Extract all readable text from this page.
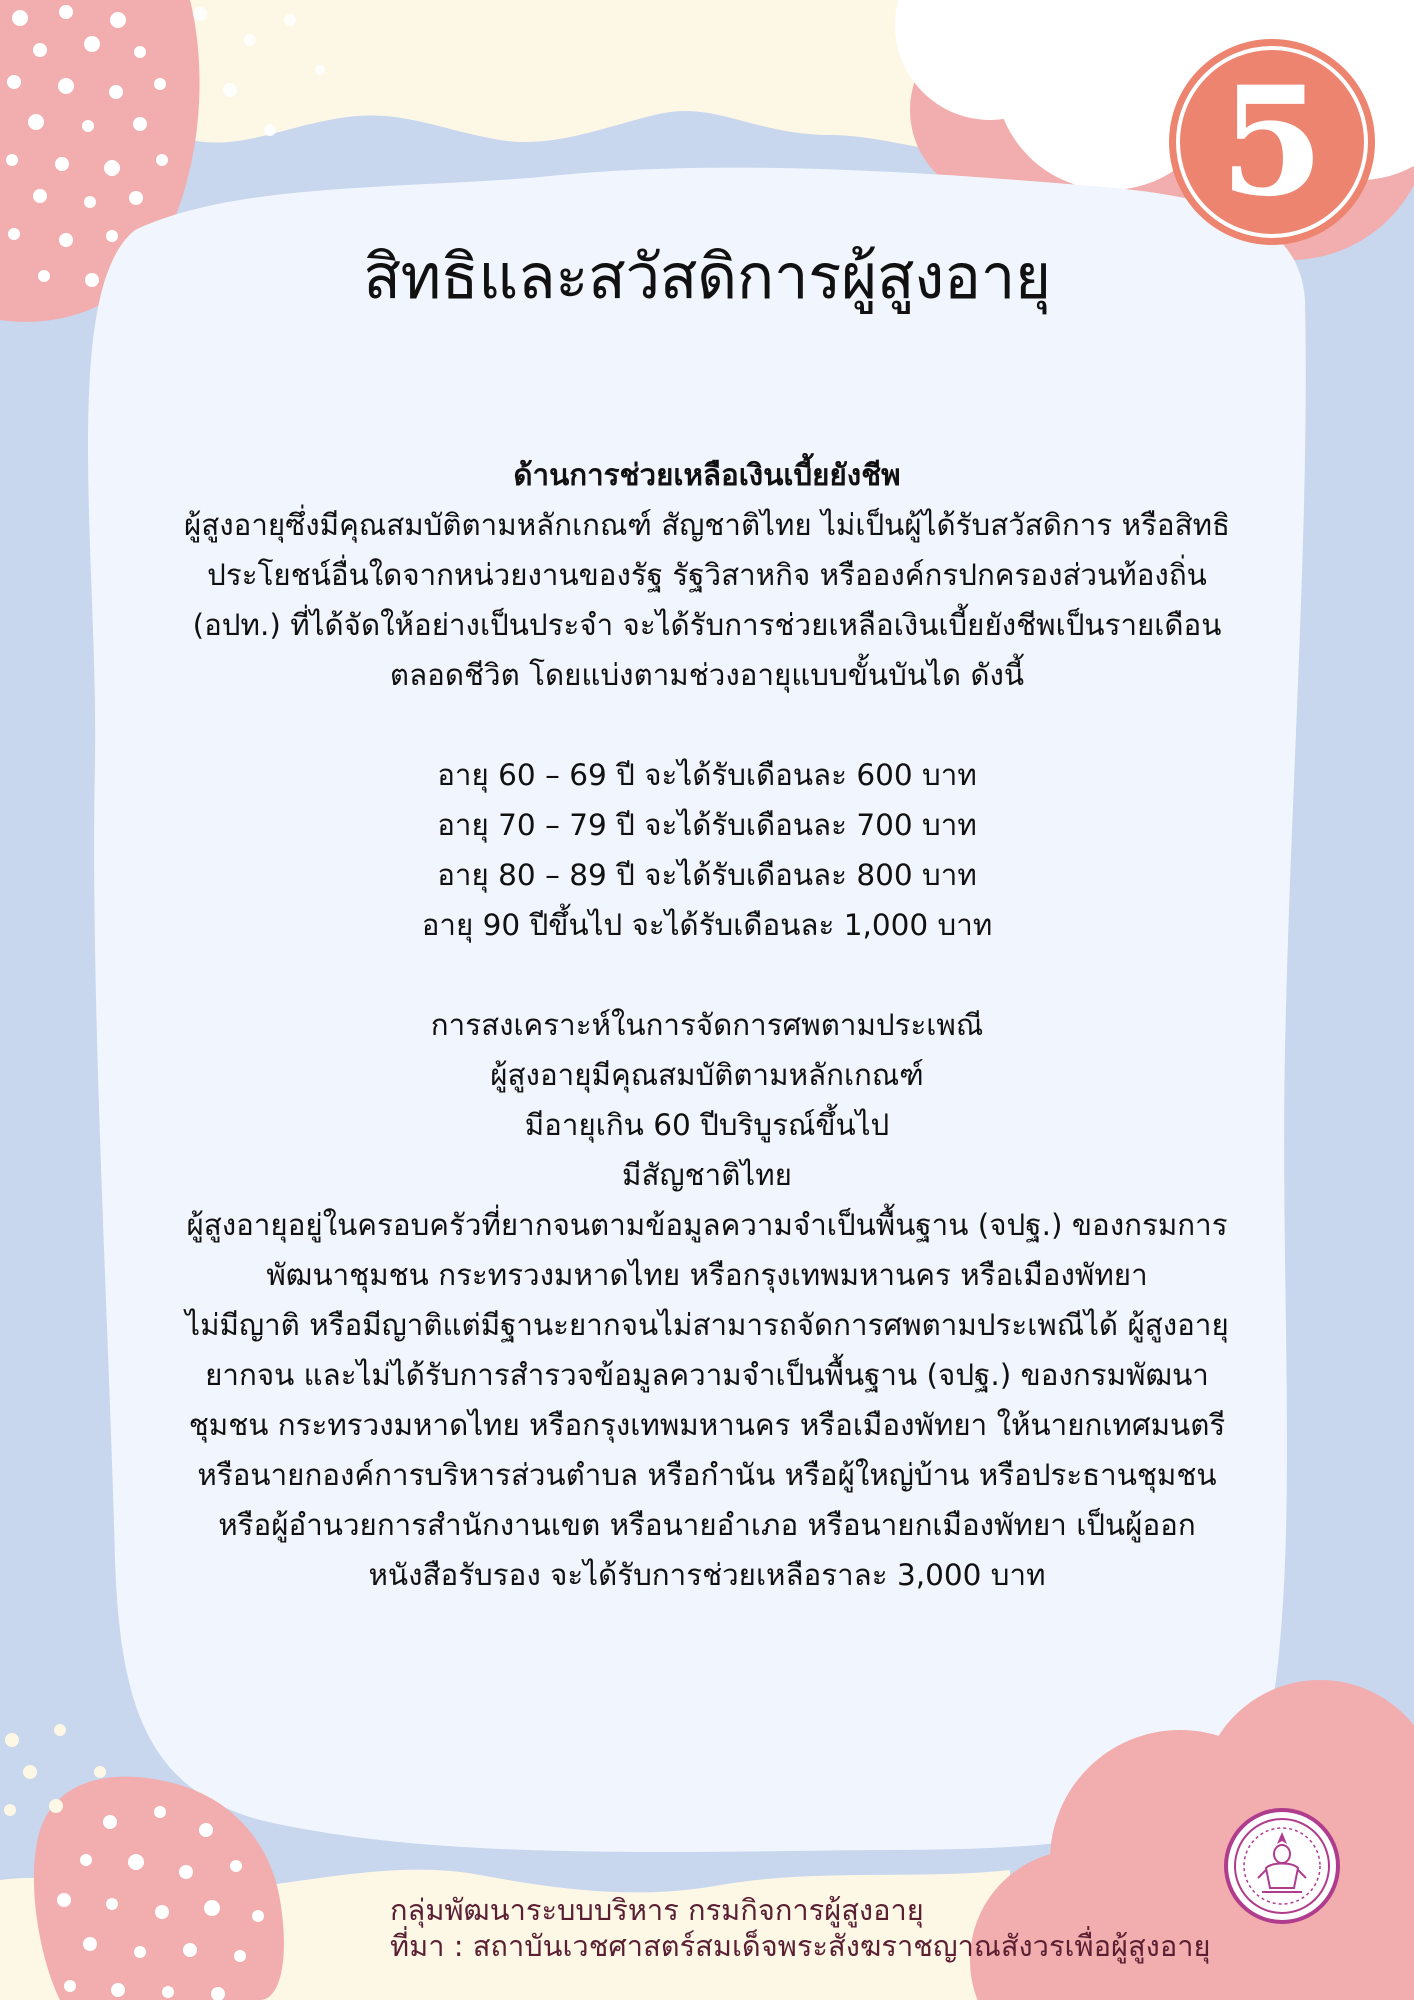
5
สิทธิและสวัสดิการผู้สูงอายุ
ด้านการช่วยเหลือเงินเบี้ยยังชีพ
ผู้สูงอายุซึ่งมีคุณสมบัติตามหลักเกณฑ์ สัญชาติไทย ไม่เป็นผู้ได้รับสวัสดิการ หรือสิทธิ
ประโยชน์อื่นใดจากหน่วยงานของรัฐ รัฐวิสาหกิจ หรือองค์กรปกครองส่วนท้องถิ่น
(อปท.) ที่ได้จัดให้อย่างเป็นประจำ จะได้รับการช่วยเหลือเงินเบี้ยยังชีพเป็นรายเดือน
ตลอดชีวิต โดยแบ่งตามช่วงอายุแบบขั้นบันได ดังนี้
อายุ 60 – 69 ปี จะได้รับเดือนละ 600 บาท
อายุ 70 – 79 ปี จะได้รับเดือนละ 700 บาท
อายุ 80 – 89 ปี จะได้รับเดือนละ 800 บาท
อายุ 90 ปีขึ้นไป จะได้รับเดือนละ 1,000 บาท
การสงเคราะห์ในการจัดการศพตามประเพณี
ผู้สูงอายุมีคุณสมบัติตามหลักเกณฑ์
มีอายุเกิน 60 ปีบริบูรณ์ขึ้นไป
มีสัญชาติไทย
ผู้สูงอายุอยู่ในครอบครัวที่ยากจนตามข้อมูลความจำเป็นพื้นฐาน (จปฐ.) ของกรมการ
พัฒนาชุมชน กระทรวงมหาดไทย หรือกรุงเทพมหานคร หรือเมืองพัทยา
ไม่มีญาติ หรือมีญาติแต่มีฐานะยากจนไม่สามารถจัดการศพตามประเพณีได้ ผู้สูงอายุ
ยากจน และไม่ได้รับการสำรวจข้อมูลความจำเป็นพื้นฐาน (จปฐ.) ของกรมพัฒนา
ชุมชน กระทรวงมหาดไทย หรือกรุงเทพมหานคร หรือเมืองพัทยา ให้นายกเทศมนตรี
หรือนายกองค์การบริหารส่วนตำบล หรือกำนัน หรือผู้ใหญ่บ้าน หรือประธานชุมชน
หรือผู้อำนวยการสำนักงานเขต หรือนายอำเภอ หรือนายกเมืองพัทยา เป็นผู้ออก
หนังสือรับรอง จะได้รับการช่วยเหลือราละ 3,000 บาท
กลุ่มพัฒนาระบบบริหาร กรมกิจการผู้สูงอายุ
ที่มา : สถาบันเวชศาสตร์สมเด็จพระสังฆราชญาณสังวรเพื่อผู้สูงอายุ
